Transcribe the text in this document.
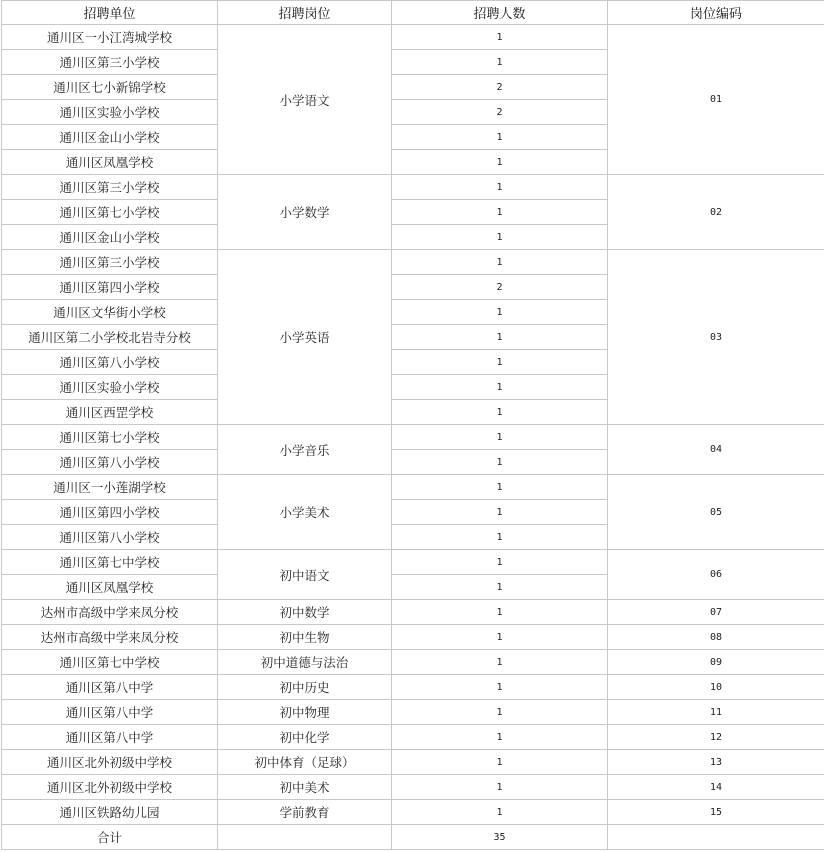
招聘单位	招聘岗位	招聘人数	岗位编码
通川区一小江湾城学校	小学语文	1	01
通川区第三小学校		1	
通川区七小新锦学校		2	
通川区实验小学校		2	
通川区金山小学校		1	
通川区凤凰学校		1	
通川区第三小学校	小学数学	1	02
通川区第七小学校		1	
通川区金山小学校		1	
通川区第三小学校	小学英语	1	03
通川区第四小学校		2	
通川区文华街小学校		1	
通川区第二小学校北岩寺分校		1	
通川区第八小学校		1	
通川区实验小学校		1	
通川区西罡学校		1	
通川区第七小学校	小学音乐	1	04
通川区第八小学校		1	
通川区一小莲湖学校	小学美术	1	05
通川区第四小学校		1	
通川区第八小学校		1	
通川区第七中学校	初中语文	1	06
通川区凤凰学校		1	
达州市高级中学来凤分校	初中数学	1	07
达州市高级中学来凤分校	初中生物	1	08
通川区第七中学校	初中道德与法治	1	09
通川区第八中学	初中历史	1	10
通川区第八中学	初中物理	1	11
通川区第八中学	初中化学	1	12
通川区北外初级中学校	初中体育（足球）	1	13
通川区北外初级中学校	初中美术	1	14
通川区铁路幼儿园	学前教育	1	15
合计		35	
